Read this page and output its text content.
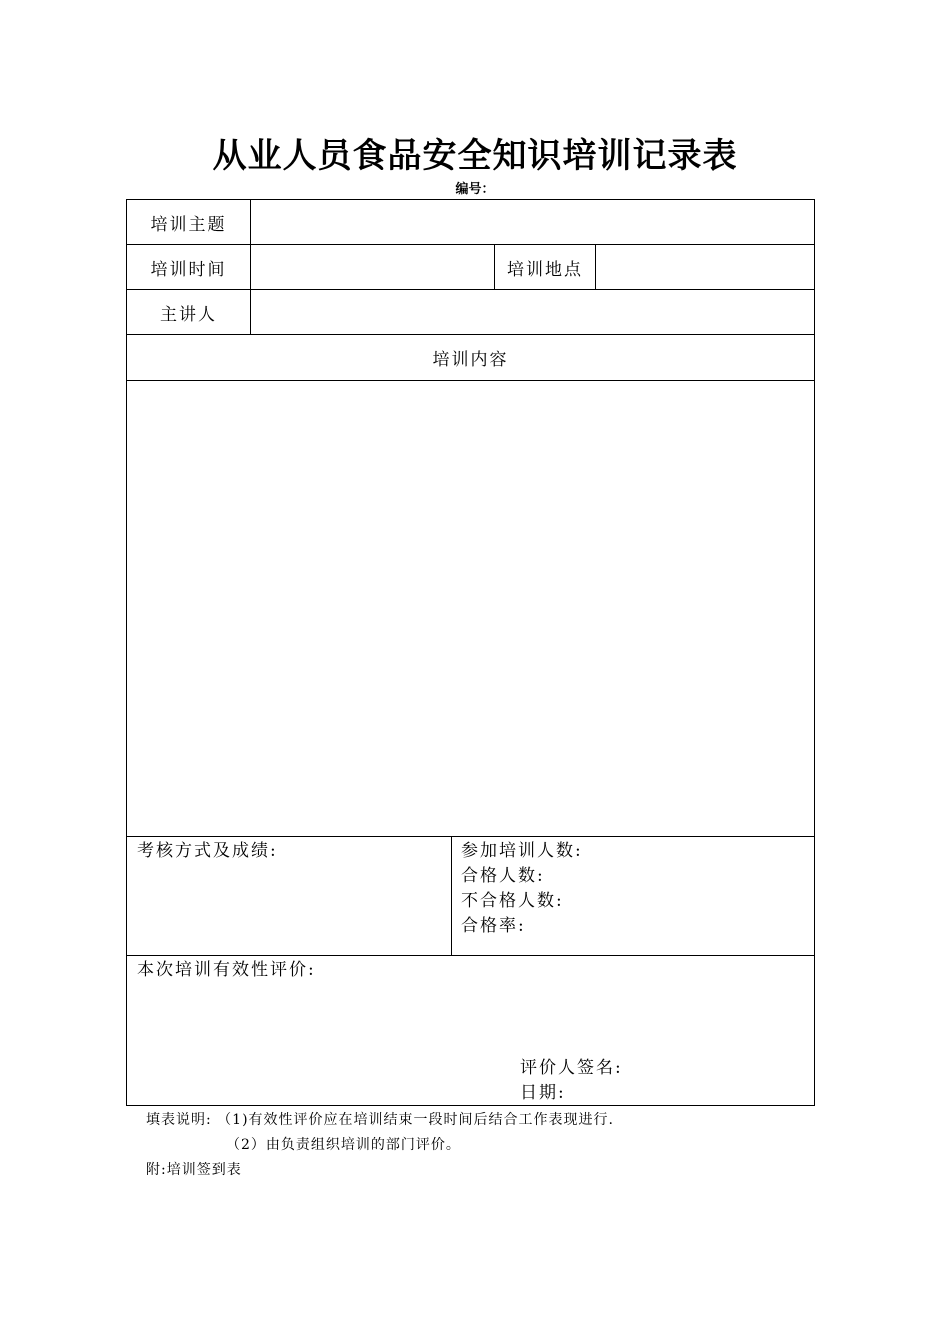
从业人员食品安全知识培训记录表
编号：
培训主题
培训时间	培训地点
主讲人
培训内容
考核方式及成绩:	参加培训人数:
合格人数:
不合格人数:
合格率:
本次培训有效性评价:
评价人签名:
日期:
填表说明: （1)有效性评价应在培训结束一段时间后结合工作表现进行.
（2）由负责组织培训的部门评价。
附:培训签到表
